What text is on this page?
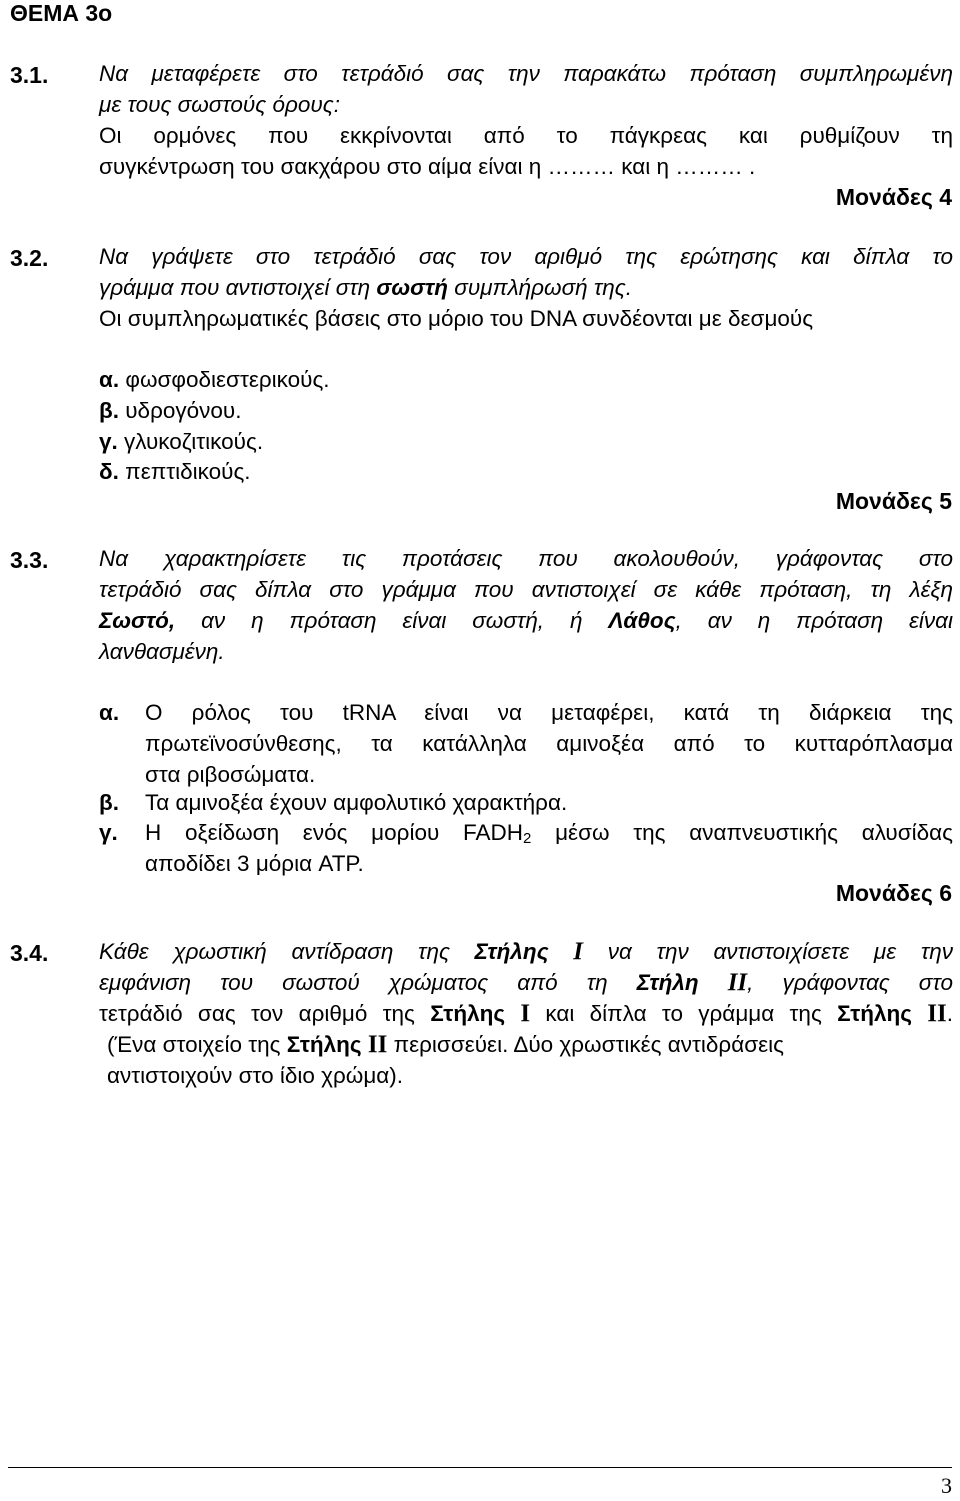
ΘΕΜΑ 3ο
3.1. Να μεταφέρετε στο τετράδιό σας την παρακάτω πρόταση συμπληρωμένη
με τους σωστούς όρους:
Οι ορμόνες που εκκρίνονται από το πάγκρεας και ρυθμίζουν τη
συγκέντρωση του σακχάρου στο αίμα είναι η ……… και η ……… .
Μονάδες 4
3.2. Να γράψετε στο τετράδιό σας τον αριθμό της ερώτησης και δίπλα το
γράμμα που αντιστοιχεί στη σωστή συμπλήρωσή της.
Οι συμπληρωματικές βάσεις στο μόριο του DNA συνδέονται με δεσμούς
α. φωσφοδιεστερικούς.
β. υδρογόνου.
γ. γλυκοζιτικούς.
δ. πεπτιδικούς.
Μονάδες 5
3.3. Να χαρακτηρίσετε τις προτάσεις που ακολουθούν, γράφοντας στο
τετράδιό σας δίπλα στο γράμμα που αντιστοιχεί σε κάθε πρόταση, τη λέξη
Σωστό, αν η πρόταση είναι σωστή, ή Λάθος, αν η πρόταση είναι
λανθασμένη.
α. Ο ρόλος του tRNA είναι να μεταφέρει, κατά τη διάρκεια της
πρωτεϊνοσύνθεσης, τα κατάλληλα αμινοξέα από το κυτταρόπλασμα
στα ριβοσώματα.
β. Τα αμινοξέα έχουν αμφολυτικό χαρακτήρα.
γ. Η οξείδωση ενός μορίου $FADH_2$ μέσω της αναπνευστικής αλυσίδας
αποδίδει 3 μόρια ATP.
Μονάδες 6
3.4. Κάθε χρωστική αντίδραση της Στήλης Ι να την αντιστοιχίσετε με την
εμφάνιση του σωστού χρώματος από τη Στήλη ΙΙ, γράφοντας στο
τετράδιό σας τον αριθμό της Στήλης Ι και δίπλα το γράμμα της Στήλης ΙΙ.
(Ένα στοιχείο της Στήλης ΙΙ περισσεύει. Δύο χρωστικές αντιδράσεις
αντιστοιχούν στο ίδιο χρώμα).
3
